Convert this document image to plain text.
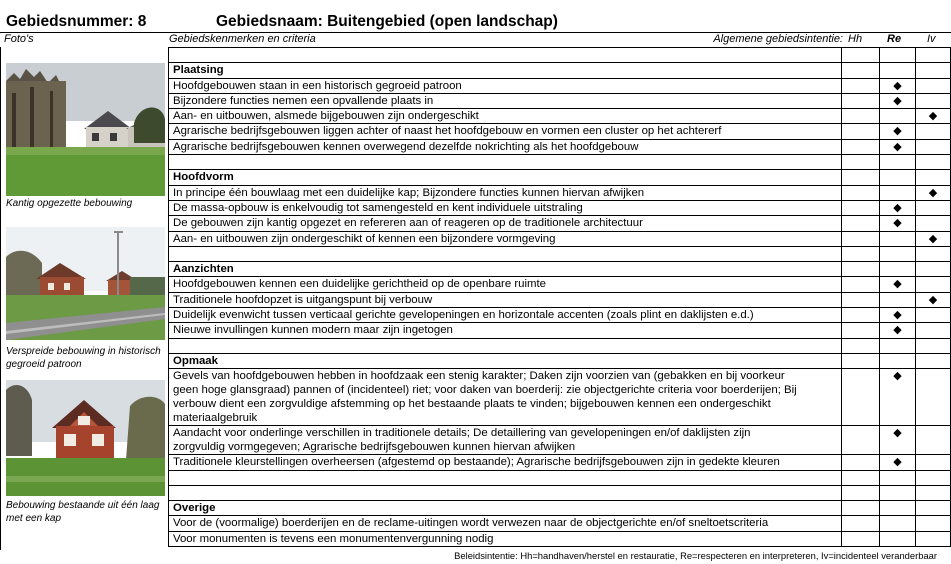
Gebiedsnummer: 8	Gebiedsnaam: Buitengebied (open landschap)
Foto's	Gebiedskenmerken en criteria	Algemene gebiedsintentie: Hh Re Iv
Kantig opgezette bebouwing
Verspreide bebouwing in historisch gegroeid patroon
Bebouwing bestaande uit één laag met een kap

Plaatsing			
Hoofdgebouwen staan in een historisch gegroeid patroon		◆	
Bijzondere functies nemen een opvallende plaats in		◆	
Aan- en uitbouwen, alsmede bijgebouwen zijn ondergeschikt			◆
Agrarische bedrijfsgebouwen liggen achter of naast het hoofdgebouw en vormen een cluster op het achtererf		◆	
Agrarische bedrijfsgebouwen kennen overwegend dezelfde nokrichting als het hoofdgebouw		◆	

Hoofdvorm			
In principe één bouwlaag met een duidelijke kap; Bijzondere functies kunnen hiervan afwijken			◆
De massa-opbouw is enkelvoudig tot samengesteld en kent individuele uitstraling		◆	
De gebouwen zijn kantig opgezet en refereren aan of reageren op de traditionele architectuur		◆	
Aan- en uitbouwen zijn ondergeschikt of kennen een bijzondere vormgeving			◆

Aanzichten			
Hoofdgebouwen kennen een duidelijke gerichtheid op de openbare ruimte		◆	
Traditionele hoofdopzet is uitgangspunt bij verbouw			◆
Duidelijk evenwicht tussen verticaal gerichte gevelopeningen en horizontale accenten (zoals plint en daklijsten e.d.)		◆	
Nieuwe invullingen kunnen modern maar zijn ingetogen		◆	

Opmaak			

Gevels van hoofdgebouwen hebben in hoofdzaak een stenig karakter; Daken zijn voorzien van (gebakken en bij voorkeur
geen hoge glansgraad) pannen of (incidenteel) riet; voor daken van boerderij: zie objectgerichte criteria voor boerderijen; Bij
verbouw dient een zorgvuldige afstemming op het bestaande plaats te vinden; bijgebouwen kennen een ondergeschikt
materiaalgebruik		◆	

Aandacht voor onderlinge verschillen in traditionele details; De detaillering van gevelopeningen en/of daklijsten zijn
zorgvuldig vormgegeven; Agrarische bedrijfsgebouwen kunnen hiervan afwijken		◆	
Traditionele kleurstellingen overheersen (afgestemd op bestaande); Agrarische bedrijfsgebouwen zijn in gedekte kleuren		◆	

Overige			
Voor de (voormalige) boerderijen en de reclame-uitingen wordt verwezen naar de objectgerichte en/of sneltoetscriteria			
Voor monumenten is tevens een monumentenvergunning nodig			
Beleidsintentie: Hh=handhaven/herstel en restauratie, Re=respecteren en interpreteren, Iv=incidenteel veranderbaar
